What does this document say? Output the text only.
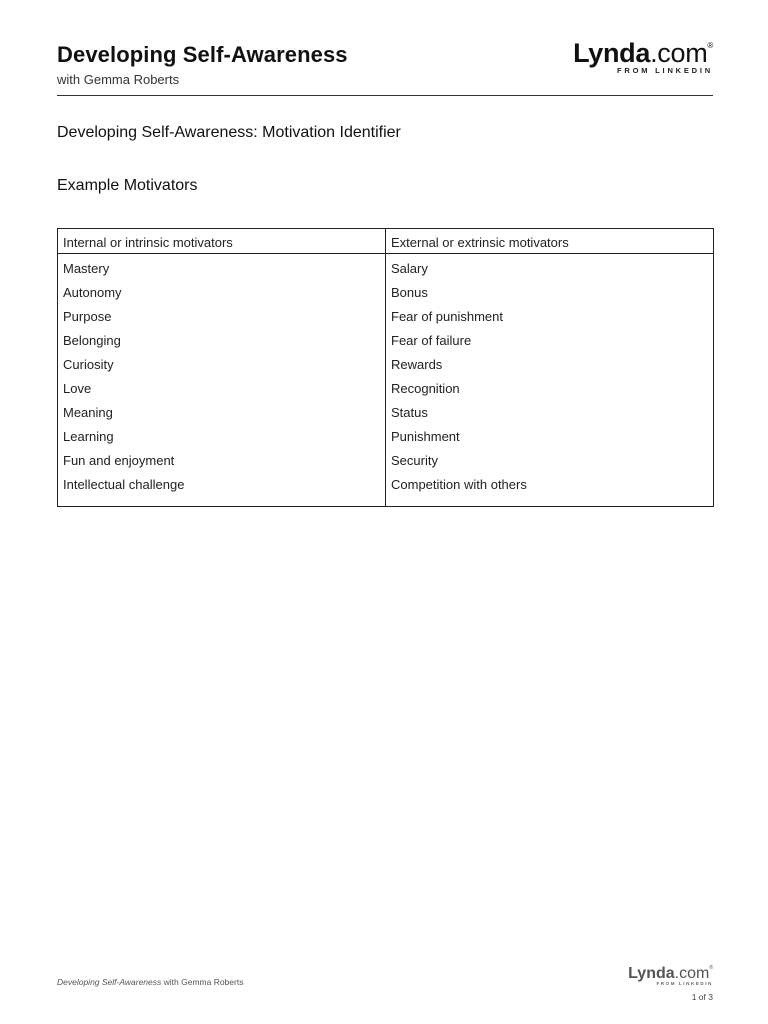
Developing Self-Awareness
with Gemma Roberts
Lynda.com®
FROM LINKEDIN
Developing Self-Awareness: Motivation Identifier
Example Motivators
Internal or intrinsic motivators	External or extrinsic motivators
Mastery	Salary
Autonomy	Bonus
Purpose	Fear of punishment
Belonging	Fear of failure
Curiosity	Rewards
Love	Recognition
Meaning	Status
Learning	Punishment
Fun and enjoyment	Security
Intellectual challenge	Competition with others

Developing Self-Awareness with Gemma Roberts	Lynda.com®
FROM LINKEDIN
1 of 3
